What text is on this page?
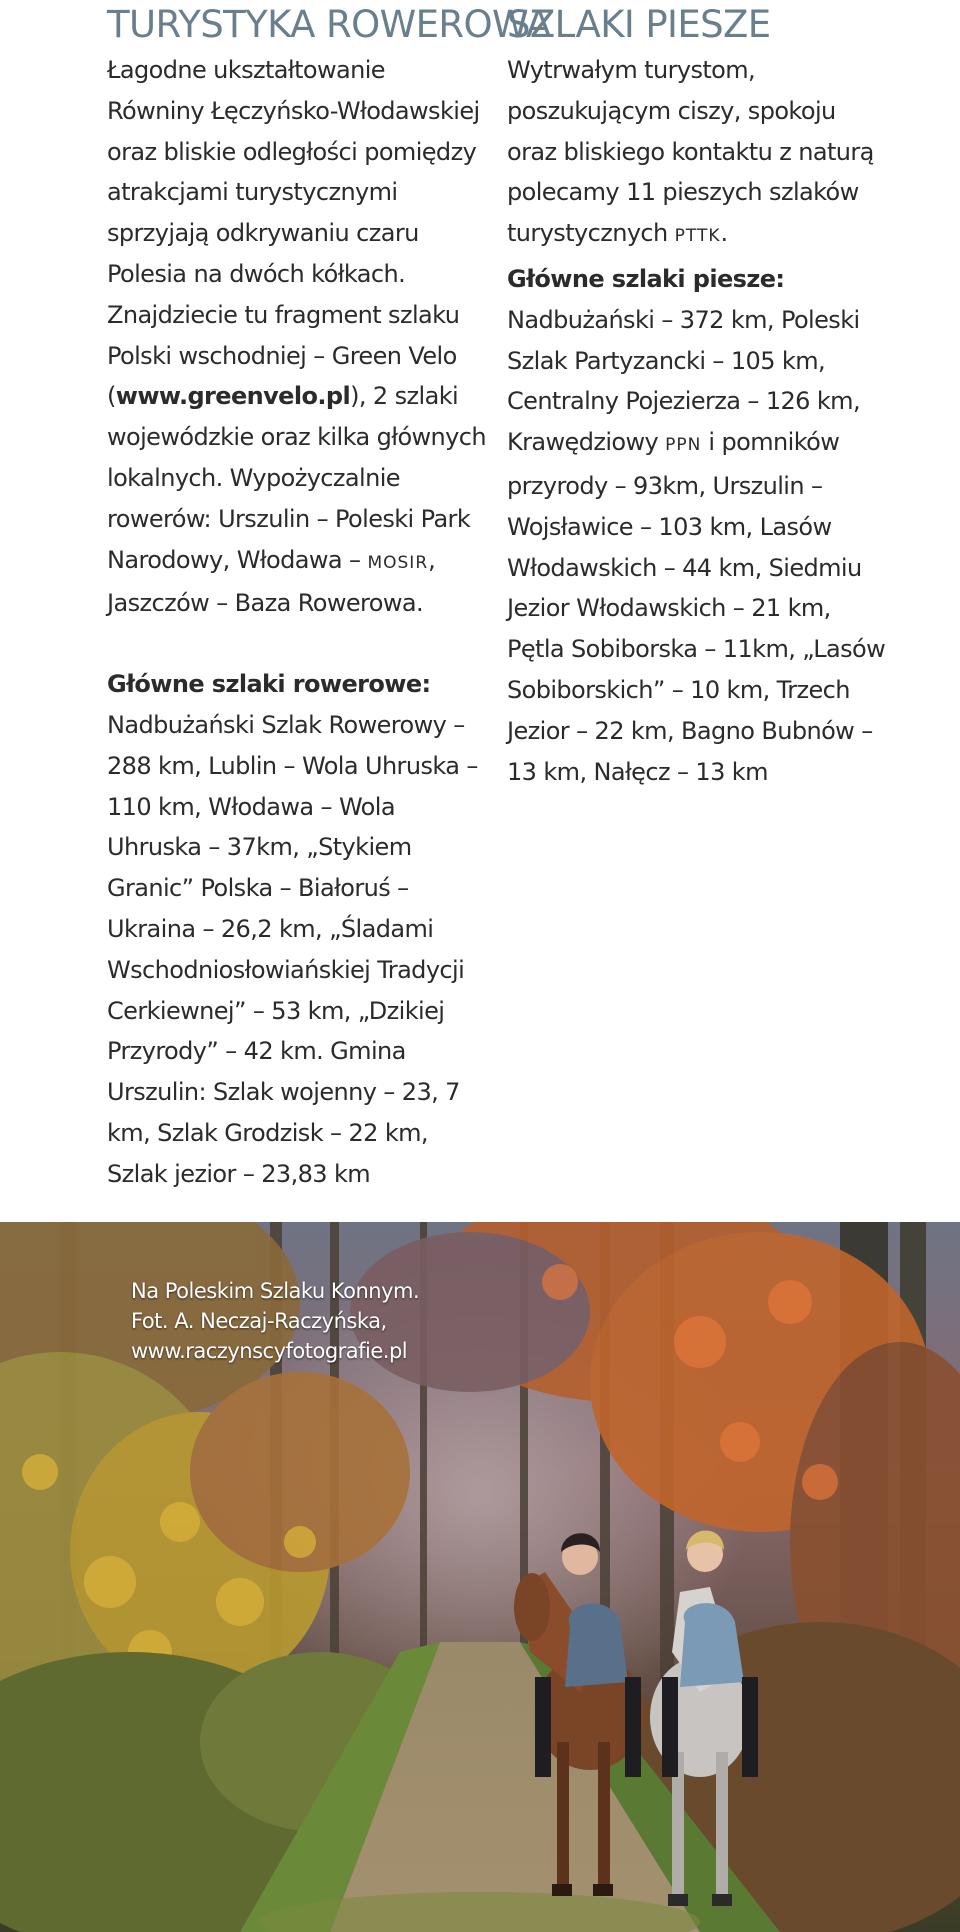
TURYSTYKA ROWEROWA

Łagodne ukształtowanie Równiny Łęczyńsko-Włodawskiej oraz bliskie odległości pomiędzy atrakcjami turystycznymi sprzyjają odkrywaniu czaru Polesia na dwóch kółkach. Znajdziecie tu fragment szlaku Polski wschodniej – Green Velo (www.greenvelo.pl), 2 szlaki wojewódzkie oraz kilka głównych lokalnych. Wypożyczalnie rowerów: Urszulin – Poleski Park Narodowy, Włodawa – MOSIR, Jaszczów – Baza Rowerowa.

Główne szlaki rowerowe: Nadbużański Szlak Rowerowy – 288 km, Lublin – Wola Uhruska – 110 km, Włodawa – Wola Uhruska – 37km, „Stykiem Granic” Polska – Białoruś – Ukraina – 26,2 km, „Śladami Wschodniosłowiańskiej Tradycji Cerkiewnej” – 53 km, „Dzikiej Przyrody” – 42 km. Gmina Urszulin: Szlak wojenny – 23, 7 km, Szlak Grodzisk – 22 km, Szlak jezior – 23,83 km

SZLAKI PIESZE

Wytrwałym turystom, poszukującym ciszy, spokoju oraz bliskiego kontaktu z naturą polecamy 11 pieszych szlaków turystycznych PTTK.

Główne szlaki piesze: Nadbużański – 372 km, Poleski Szlak Partyzancki – 105 km, Centralny Pojezierza – 126 km, Krawędziowy PPN i pomników przyrody – 93km, Urszulin – Wojsławice – 103 km, Lasów Włodawskich – 44 km, Siedmiu Jezior Włodawskich – 21 km, Pętla Sobiborska – 11km, „Lasów Sobiborskich” – 10 km, Trzech Jezior – 22 km, Bagno Bubnów – 13 km, Nałęcz – 13 km

Na Poleskim Szlaku Konnym.
Fot. A. Neczaj-Raczyńska,
www.raczynscyfotografie.pl
